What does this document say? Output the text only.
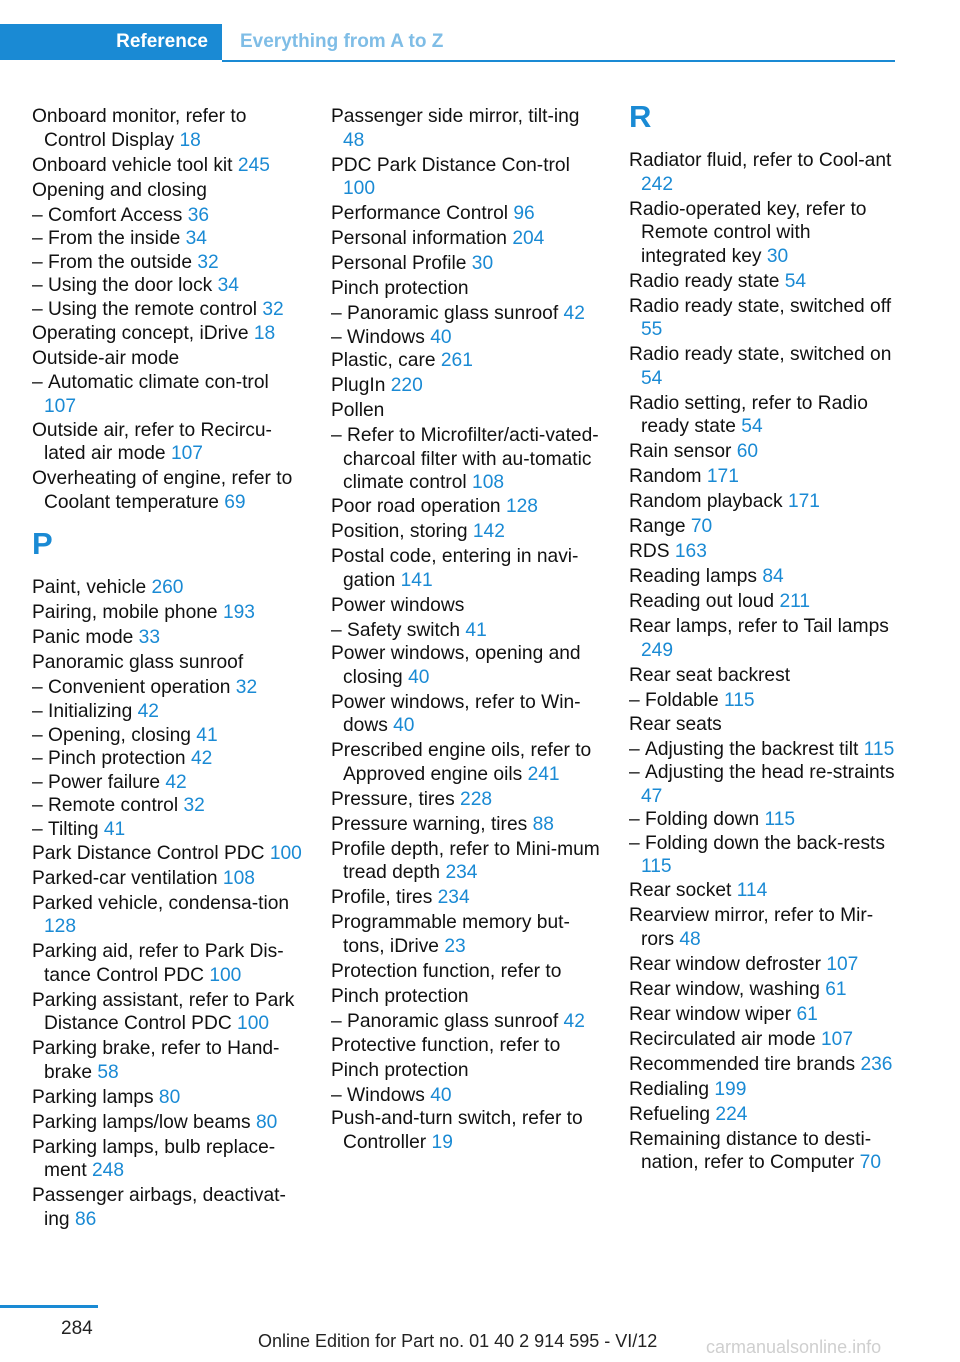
Reference	Everything from A to Z
Onboard monitor, refer to Control Display 18
Onboard vehicle tool kit 245
Opening and closing
– Comfort Access 36
– From the inside 34
– From the outside 32
– Using the door lock 34
– Using the remote control 32
Operating concept, iDrive 18
Outside-air mode
– Automatic climate con-trol 107
Outside air, refer to Recircu-lated air mode 107
Overheating of engine, refer to Coolant temperature 69
P
Paint, vehicle 260
Pairing, mobile phone 193
Panic mode 33
Panoramic glass sunroof
– Convenient operation 32
– Initializing 42
– Opening, closing 41
– Pinch protection 42
– Power failure 42
– Remote control 32
– Tilting 41
Park Distance Control PDC 100
Parked-car ventilation 108
Parked vehicle, condensa-tion 128
Parking aid, refer to Park Dis-tance Control PDC 100
Parking assistant, refer to Park Distance Control PDC 100
Parking brake, refer to Hand-brake 58
Parking lamps 80
Parking lamps/low beams 80
Parking lamps, bulb replace-ment 248
Passenger airbags, deactivat-ing 86
Passenger side mirror, tilt-ing 48
PDC Park Distance Con-trol 100
Performance Control 96
Personal information 204
Personal Profile 30
Pinch protection
– Panoramic glass sunroof 42
– Windows 40
Plastic, care 261
PlugIn 220
Pollen
– Refer to Microfilter/acti-vated-charcoal filter with au-tomatic climate control 108
Poor road operation 128
Position, storing 142
Postal code, entering in navi-gation 141
Power windows
– Safety switch 41
Power windows, opening and closing 40
Power windows, refer to Win-dows 40
Prescribed engine oils, refer to Approved engine oils 241
Pressure, tires 228
Pressure warning, tires 88
Profile depth, refer to Mini-mum tread depth 234
Profile, tires 234
Programmable memory but-tons, iDrive 23
Protection function, refer to
Pinch protection
– Panoramic glass sunroof 42
Protective function, refer to
Pinch protection
– Windows 40
Push-and-turn switch, refer to Controller 19
R
Radiator fluid, refer to Cool-ant 242
Radio-operated key, refer to Remote control with integrated key 30
Radio ready state 54
Radio ready state, switched off 55
Radio ready state, switched on 54
Radio setting, refer to Radio ready state 54
Rain sensor 60
Random 171
Random playback 171
Range 70
RDS 163
Reading lamps 84
Reading out loud 211
Rear lamps, refer to Tail lamps 249
Rear seat backrest
– Foldable 115
Rear seats
– Adjusting the backrest tilt 115
– Adjusting the head re-straints 47
– Folding down 115
– Folding down the back-rests 115
Rear socket 114
Rearview mirror, refer to Mir-rors 48
Rear window defroster 107
Rear window, washing 61
Rear window wiper 61
Recirculated air mode 107
Recommended tire brands 236
Redialing 199
Refueling 224
Remaining distance to desti-nation, refer to Computer 70
284
Online Edition for Part no. 01 40 2 914 595 - VI/12	carmanualsonline.info
